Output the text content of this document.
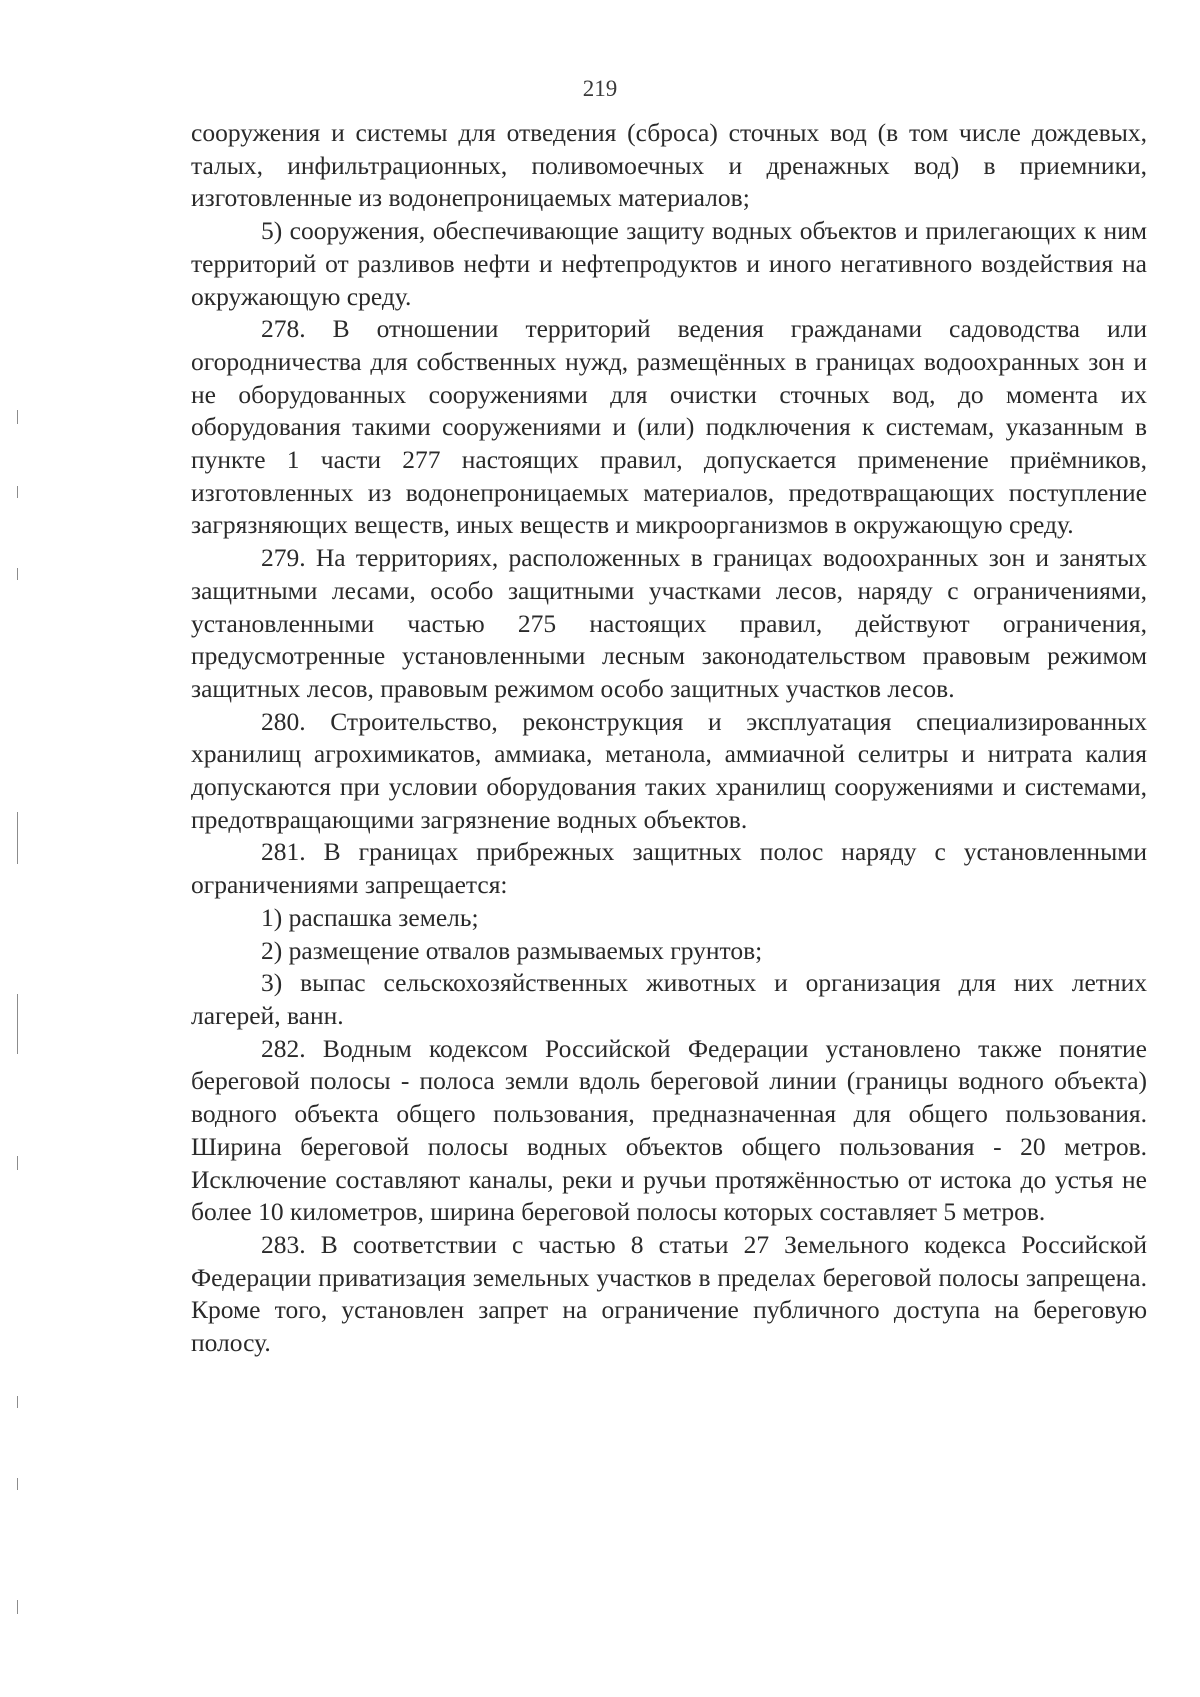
219

сооружения и системы для отведения (сброса) сточных вод (в том числе дождевых, талых, инфильтрационных, поливомоечных и дренажных вод) в приемники, изготовленные из водонепроницаемых материалов;

5) сооружения, обеспечивающие защиту водных объектов и прилегающих к ним территорий от разливов нефти и нефтепродуктов и иного негативного воздействия на окружающую среду.

278. В отношении территорий ведения гражданами садоводства или огородничества для собственных нужд, размещённых в границах водоохранных зон и не оборудованных сооружениями для очистки сточных вод, до момента их оборудования такими сооружениями и (или) подключения к системам, указанным в пункте 1 части 277 настоящих правил, допускается применение приёмников, изготовленных из водонепроницаемых материалов, предотвращающих поступление загрязняющих веществ, иных веществ и микроорганизмов в окружающую среду.

279. На территориях, расположенных в границах водоохранных зон и занятых защитными лесами, особо защитными участками лесов, наряду с ограничениями, установленными частью 275 настоящих правил, действуют ограничения, предусмотренные установленными лесным законодательством правовым режимом защитных лесов, правовым режимом особо защитных участков лесов.

280. Строительство, реконструкция и эксплуатация специализированных хранилищ агрохимикатов, аммиака, метанола, аммиачной селитры и нитрата калия допускаются при условии оборудования таких хранилищ сооружениями и системами, предотвращающими загрязнение водных объектов.

281. В границах прибрежных защитных полос наряду с установленными ограничениями запрещается:

1) распашка земель;

2) размещение отвалов размываемых грунтов;

3) выпас сельскохозяйственных животных и организация для них летних лагерей, ванн.

282. Водным кодексом Российской Федерации установлено также понятие береговой полосы - полоса земли вдоль береговой линии (границы водного объекта) водного объекта общего пользования, предназначенная для общего пользования. Ширина береговой полосы водных объектов общего пользования - 20 метров. Исключение составляют каналы, реки и ручьи протяжённостью от истока до устья не более 10 километров, ширина береговой полосы которых составляет 5 метров.

283. В соответствии с частью 8 статьи 27 Земельного кодекса Российской Федерации приватизация земельных участков в пределах береговой полосы запрещена. Кроме того, установлен запрет на ограничение публичного доступа на береговую полосу.
